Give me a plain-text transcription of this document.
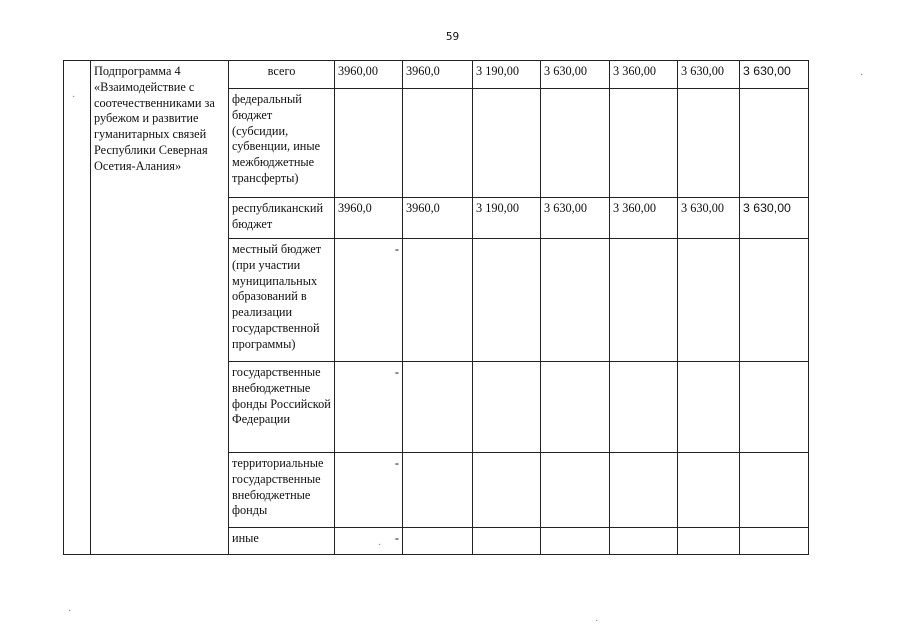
59
	Подпрограмма 4 «Взаимодействие с соотечественниками за рубежом и развитие гуманитарных связей Республики Северная Осетия-Алания»	всего	3960,00	3960,0	3 190,00	3 630,00	3 360,00	3 630,00	3 630,00
		федеральный бюджет (субсидии, субвенции, иные межбюджетные трансферты)							
		республиканский бюджет	3960,0	3960,0	3 190,00	3 630,00	3 360,00	3 630,00	3 630,00
		местный бюджет (при участии муниципальных образований в реализации государственной программы)	-						
		государственные внебюджетные фонды Российской Федерации	-						
		территориальные государственные внебюджетные фонды	-						
		иные	-						
·
·
·
·
·
